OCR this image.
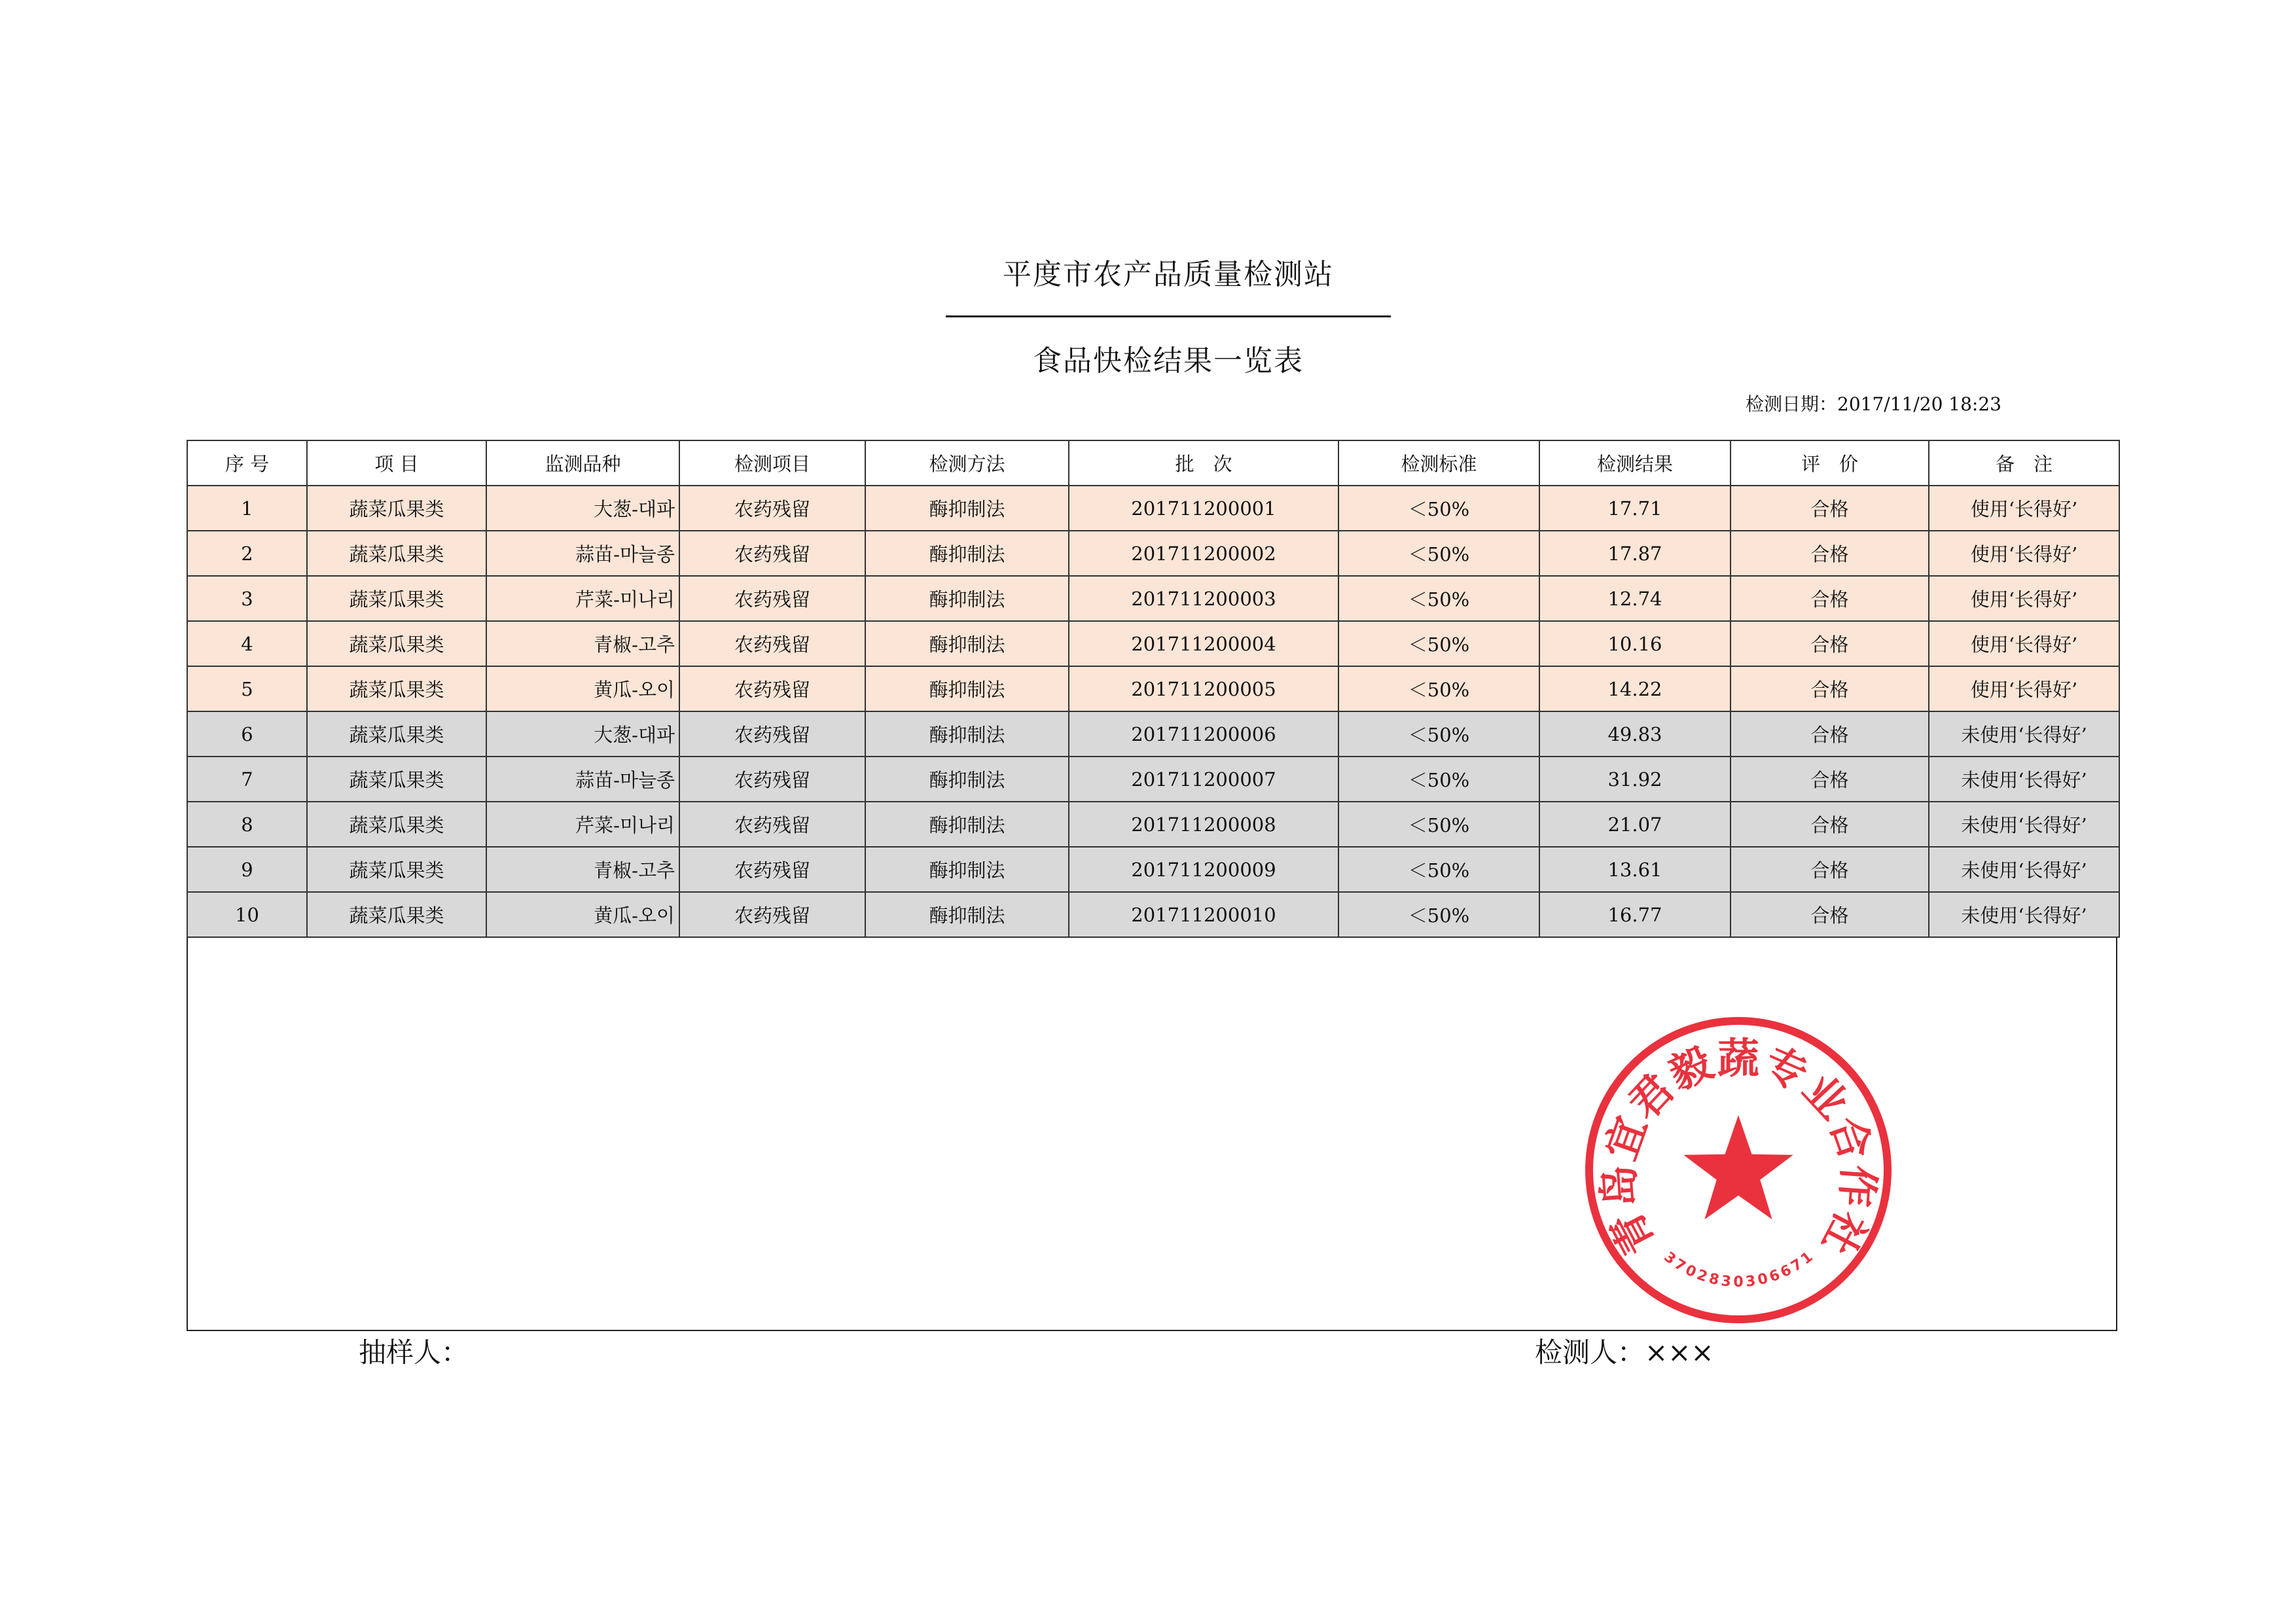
平度市农产品质量检测站
食品快检结果一览表
检测日期：2017/11/20 18:23
序 号	项 目	监测品种	检测项目	检测方法	批　次	检测标准	检测结果	评　价	备　注
1	蔬菜瓜果类	大葱-대파	农药残留	酶抑制法	201711200001	＜50%	17.71	合格	使用‘长得好’
2	蔬菜瓜果类	蒜苗-마늘종	农药残留	酶抑制法	201711200002	＜50%	17.87	合格	使用‘长得好’
3	蔬菜瓜果类	芹菜-미나리	农药残留	酶抑制法	201711200003	＜50%	12.74	合格	使用‘长得好’
4	蔬菜瓜果类	青椒-고추	农药残留	酶抑制法	201711200004	＜50%	10.16	合格	使用‘长得好’
5	蔬菜瓜果类	黄瓜-오이	农药残留	酶抑制法	201711200005	＜50%	14.22	合格	使用‘长得好’
6	蔬菜瓜果类	大葱-대파	农药残留	酶抑制法	201711200006	＜50%	49.83	合格	未使用‘长得好’
7	蔬菜瓜果类	蒜苗-마늘종	农药残留	酶抑制法	201711200007	＜50%	31.92	合格	未使用‘长得好’
8	蔬菜瓜果类	芹菜-미나리	农药残留	酶抑制法	201711200008	＜50%	21.07	合格	未使用‘长得好’
9	蔬菜瓜果类	青椒-고추	农药残留	酶抑制法	201711200009	＜50%	13.61	合格	未使用‘长得好’
10	蔬菜瓜果类	黄瓜-오이	农药残留	酶抑制法	201711200010	＜50%	16.77	合格	未使用‘长得好’
抽样人：	检测人：×××
青岛宜君毅蔬专业合作社
3702830306671
